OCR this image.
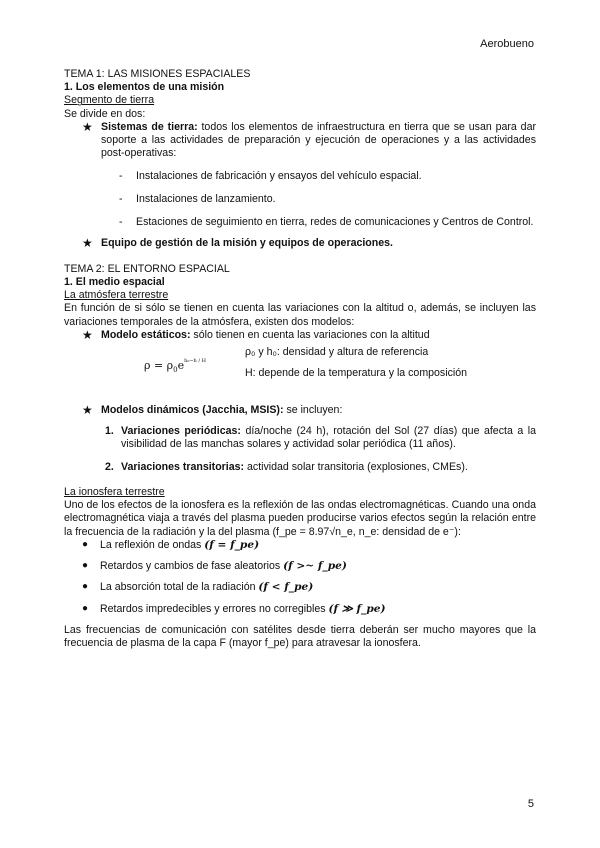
Aerobueno

TEMA 1: LAS MISIONES ESPACIALES

1. Los elementos de una misión

Segmento de tierra

Se divide en dos:

★ Sistemas de tierra: todos los elementos de infraestructura en tierra que se usan para dar soporte a las actividades de preparación y ejecución de operaciones y a las actividades post-operativas:
- Instalaciones de fabricación y ensayos del vehículo espacial.
- Instalaciones de lanzamiento.
- Estaciones de seguimiento en tierra, redes de comunicaciones y Centros de Control.
★ Equipo de gestión de la misión y equipos de operaciones.

TEMA 2: EL ENTORNO ESPACIAL

1. El medio espacial

La atmósfera terrestre

En función de si sólo se tienen en cuenta las variaciones con la altitud o, además, se incluyen las variaciones temporales de la atmósfera, existen dos modelos:

★ Modelo estáticos: sólo tienen en cuenta las variaciones con la altitud
$\rho = \rho_0e^{h_0-h / H}$
ρ₀ y h₀: densidad y altura de referencia
H: depende de la temperatura y la composición
★ Modelos dinámicos (Jacchia, MSIS): se incluyen:
1. Variaciones periódicas: día/noche (24 h), rotación del Sol (27 días) que afecta a la visibilidad de las manchas solares y actividad solar periódica (11 años).
2. Variaciones transitorias: actividad solar transitoria (explosiones, CMEs).

La ionosfera terrestre

Uno de los efectos de la ionosfera es la reflexión de las ondas electromagnéticas. Cuando una onda electromagnética viaja a través del plasma pueden producirse varios efectos según la relación entre la frecuencia de la radiación y la del plasma (f_pe = 8.97√n_e, n_e: densidad de e⁻):

● La reflexión de ondas (f = f_pe)
● Retardos y cambios de fase aleatorios (f >~ f_pe)
● La absorción total de la radiación (f < f_pe)
● Retardos impredecibles y errores no corregibles (f ≫ f_pe)

Las frecuencias de comunicación con satélites desde tierra deberán ser mucho mayores que la frecuencia de plasma de la capa F (mayor f_pe) para atravesar la ionosfera.

5
